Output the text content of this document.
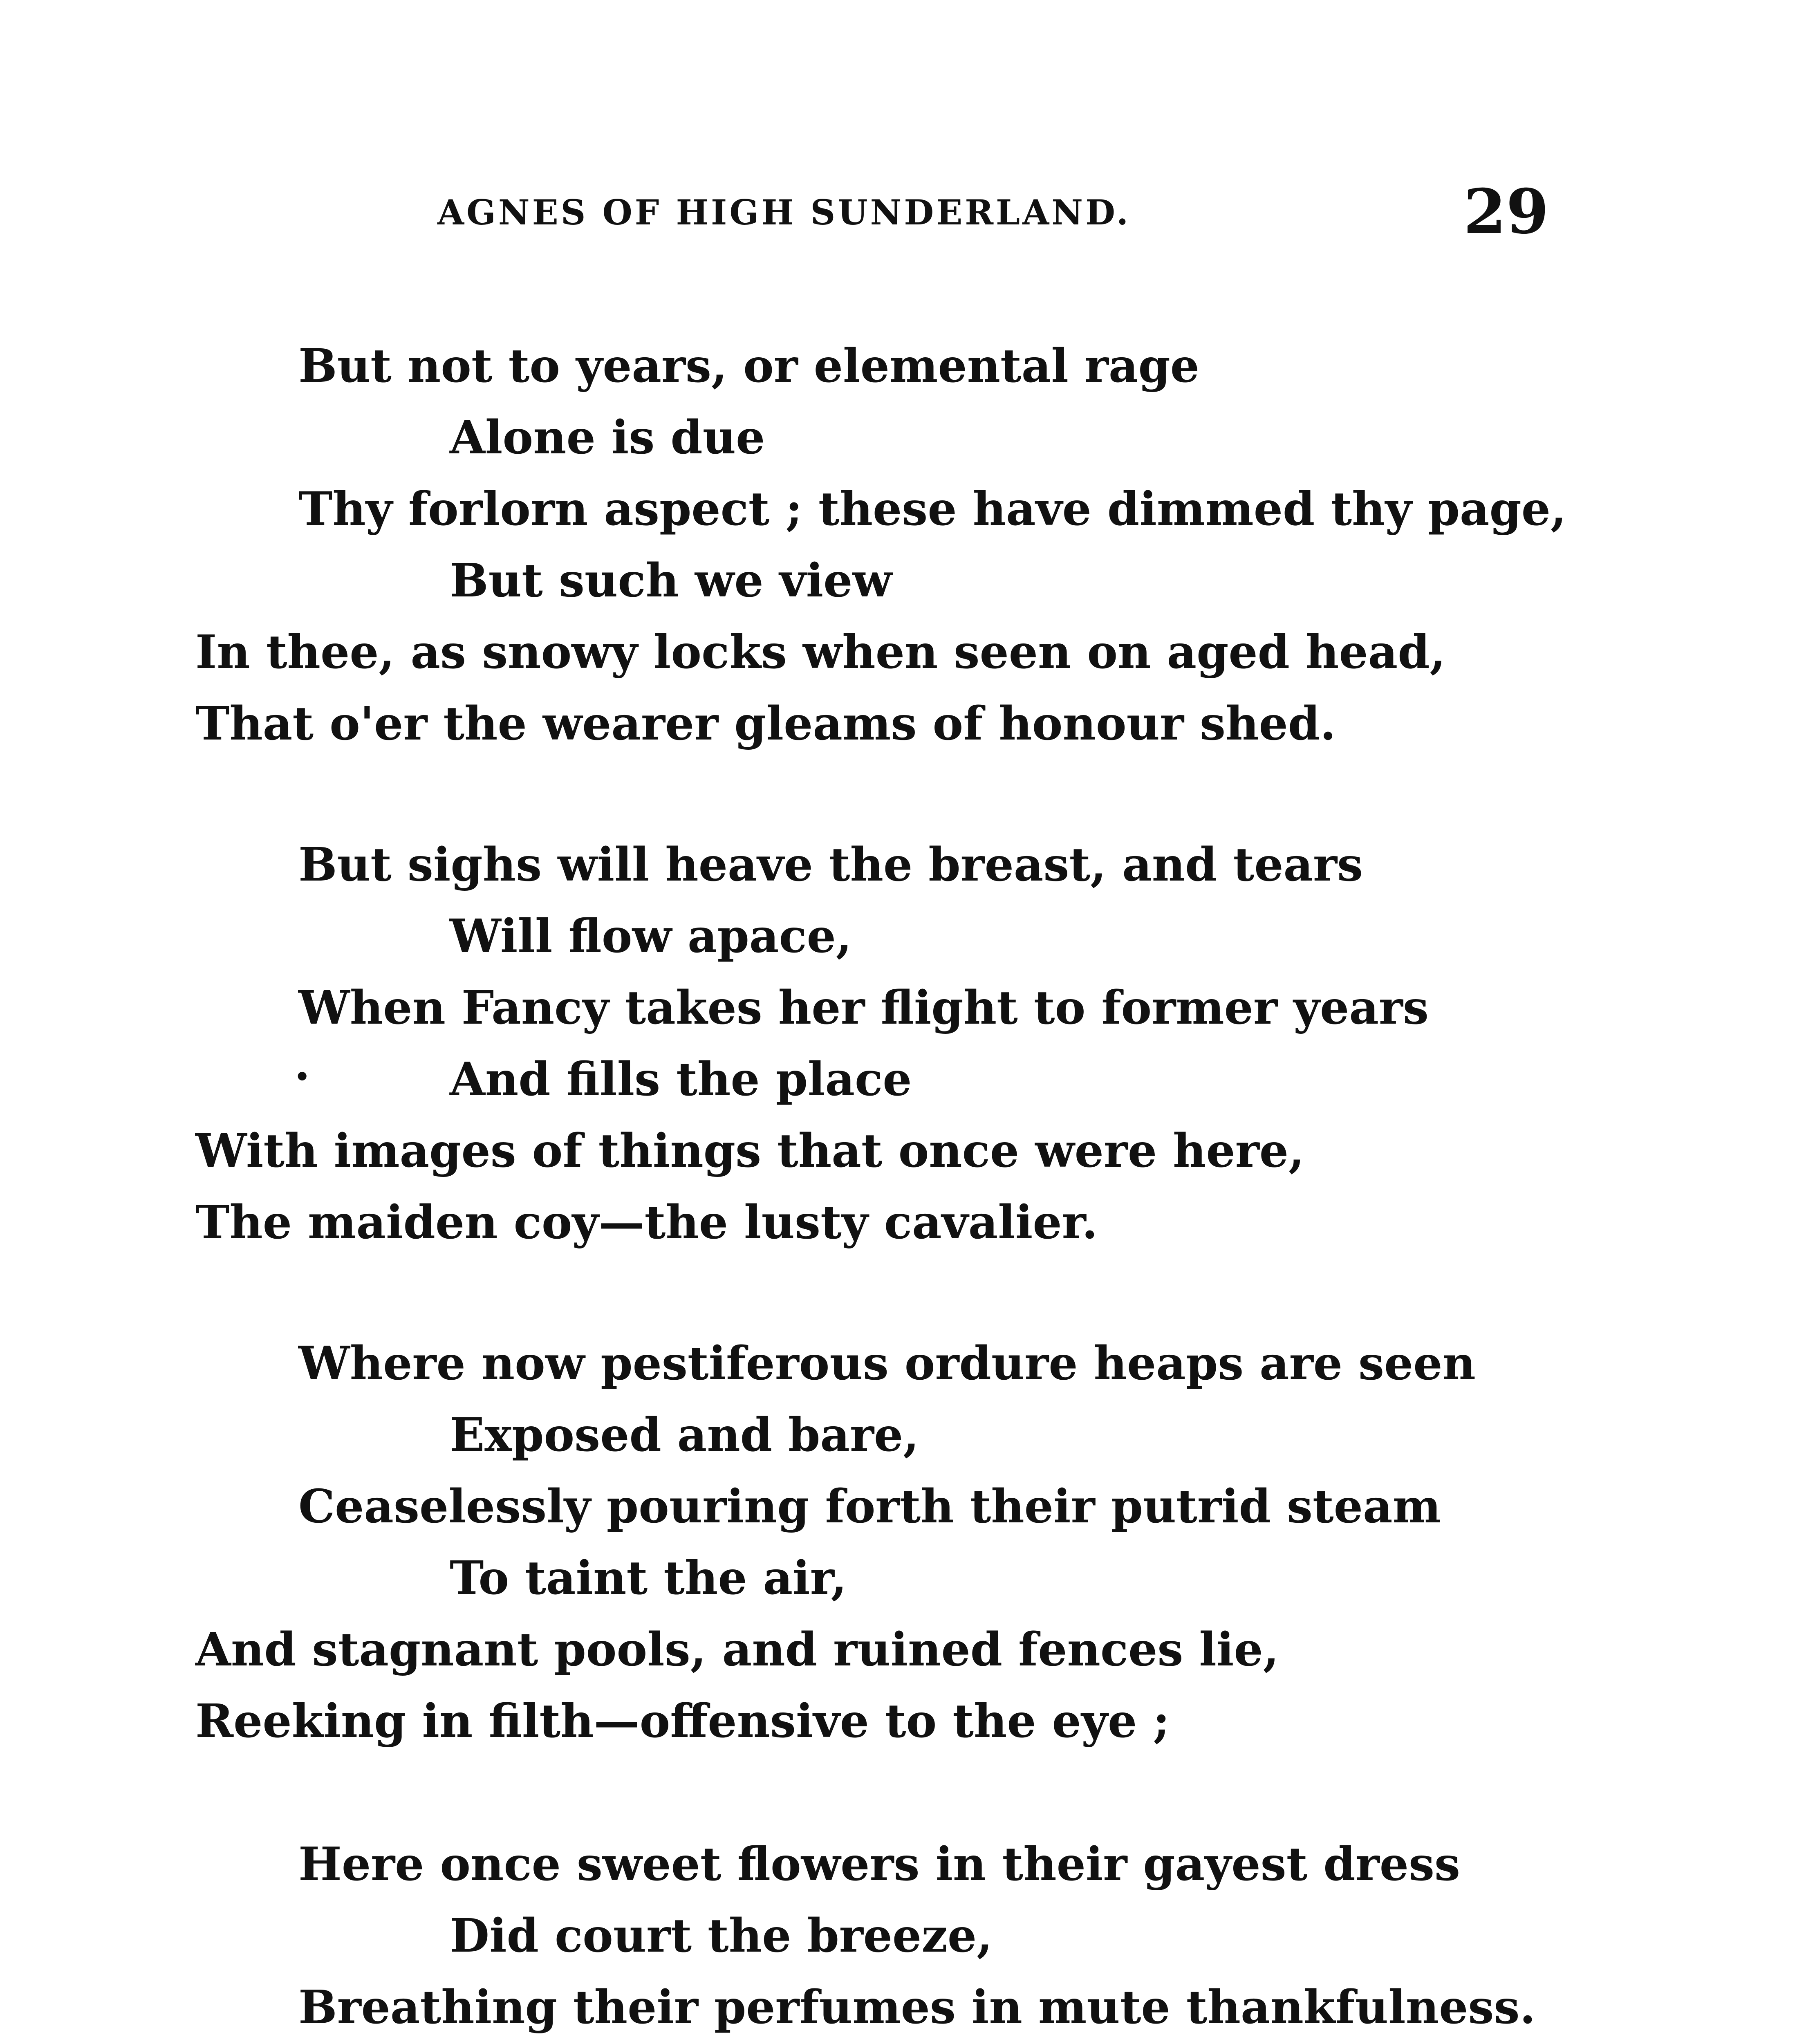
AGNES OF HIGH SUNDERLAND.	29
But not to years, or elemental rage
Alone is due
Thy forlorn aspect ; these have dimmed thy page,
But such we view
In thee, as snowy locks when seen on aged head,
That o'er the wearer gleams of honour shed.
But sighs will heave the breast, and tears
Will flow apace,
When Fancy takes her flight to former years
And fills the place
•
With images of things that once were here,
The maiden coy—the lusty cavalier.
Where now pestiferous ordure heaps are seen
Exposed and bare,
Ceaselessly pouring forth their putrid steam
To taint the air,
And stagnant pools, and ruined fences lie,
Reeking in filth—offensive to the eye ;
Here once sweet flowers in their gayest dress
Did court the breeze,
Breathing their perfumes in mute thankfulness.
